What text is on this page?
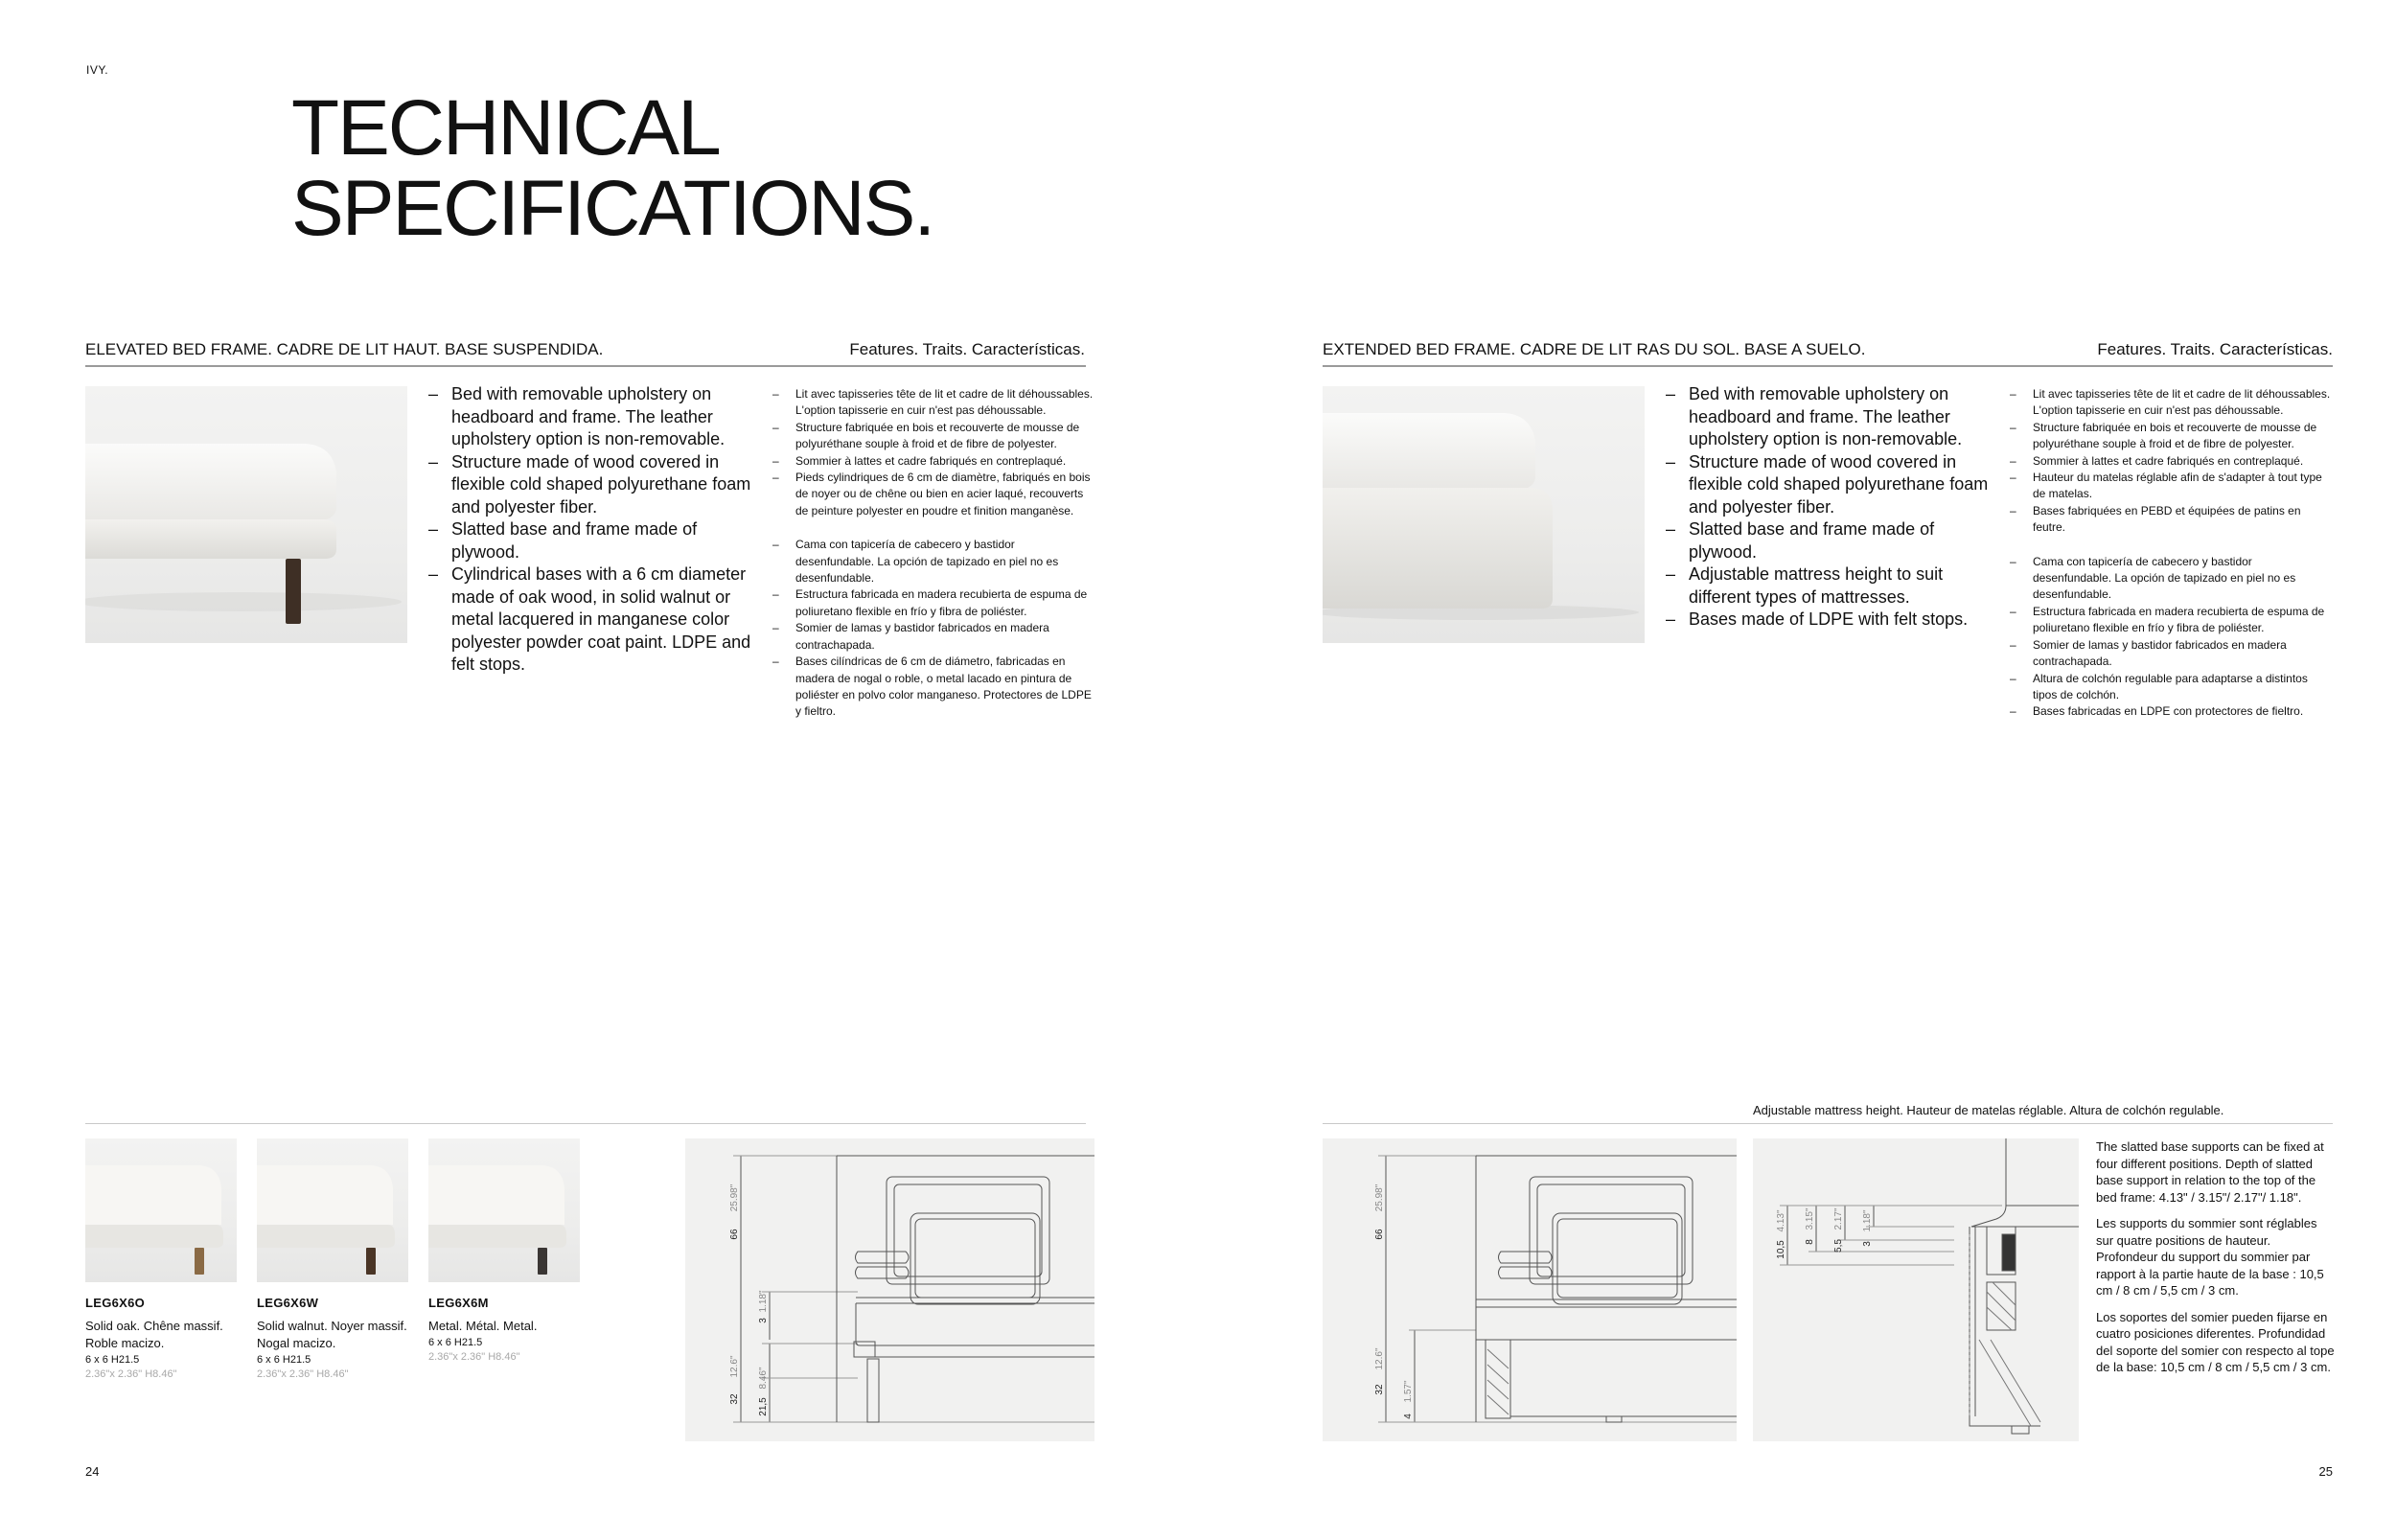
IVY.
TECHNICAL
SPECIFICATIONS.
ELEVATED BED FRAME. CADRE DE LIT HAUT. BASE SUSPENDIDA.	Features. Traits. Características.
– Bed with removable upholstery on headboard and frame. The leather upholstery option is non-removable.
– Structure made of wood covered in flexible cold shaped polyurethane foam and polyester fiber.
– Slatted base and frame made of plywood.
– Cylindrical bases with a 6 cm diameter made of oak wood, in solid walnut or metal lacquered in manganese color polyester powder coat paint. LDPE and felt stops.
– Lit avec tapisseries tête de lit et cadre de lit déhoussables. L'option tapisserie en cuir n'est pas déhoussable.
– Structure fabriquée en bois et recouverte de mousse de polyuréthane souple à froid et de fibre de polyester.
– Sommier à lattes et cadre fabriqués en contreplaqué.
– Pieds cylindriques de 6 cm de diamètre, fabriqués en bois de noyer ou de chêne ou bien en acier laqué, recouverts de peinture polyester en poudre et finition manganèse.
– Cama con tapicería de cabecero y bastidor desenfundable. La opción de tapizado en piel no es desenfundable.
– Estructura fabricada en madera recubierta de espuma de poliuretano flexible en frío y fibra de poliéster.
– Somier de lamas y bastidor fabricados en madera contrachapada.
– Bases cilíndricas de 6 cm de diámetro, fabricadas en madera de nogal o roble, o metal lacado en pintura de poliéster en polvo color manganeso. Protectores de LDPE y fieltro.
LEG6X6O
Solid oak. Chêne massif. Roble macizo.
6 x 6 H21.5
2.36"x 2.36" H8.46"
LEG6X6W
Solid walnut. Noyer massif. Nogal macizo.
6 x 6 H21.5
2.36"x 2.36" H8.46"
LEG6X6M
Metal. Métal. Metal.
6 x 6 H21.5
2.36"x 2.36" H8.46"
66
25.98"
3
1.18"
32
12.6"
21,5
8.46"
24
EXTENDED BED FRAME. CADRE DE LIT RAS DU SOL. BASE A SUELO.	Features. Traits. Características.
– Bed with removable upholstery on headboard and frame. The leather upholstery option is non-removable.
– Structure made of wood covered in flexible cold shaped polyurethane foam and polyester fiber.
– Slatted base and frame made of plywood.
– Adjustable mattress height to suit different types of mattresses.
– Bases made of LDPE with felt stops.
– Lit avec tapisseries tête de lit et cadre de lit déhoussables. L'option tapisserie en cuir n'est pas déhoussable.
– Structure fabriquée en bois et recouverte de mousse de polyuréthane souple à froid et de fibre de polyester.
– Sommier à lattes et cadre fabriqués en contreplaqué.
– Hauteur du matelas réglable afin de s'adapter à tout type de matelas.
– Bases fabriquées en PEBD et équipées de patins en feutre.
– Cama con tapicería de cabecero y bastidor desenfundable. La opción de tapizado en piel no es desenfundable.
– Estructura fabricada en madera recubierta de espuma de poliuretano flexible en frío y fibra de poliéster.
– Somier de lamas y bastidor fabricados en madera contrachapada.
– Altura de colchón regulable para adaptarse a distintos tipos de colchón.
– Bases fabricadas en LDPE con protectores de fieltro.
Adjustable mattress height. Hauteur de matelas réglable. Altura de colchón regulable.
66
25.98"
32
12.6"
4
1.57"
10,5
4.13"
8
3.15"
5,5
2.17"
3
1.18"
The slatted base supports can be fixed at four different positions. Depth of slatted base support in relation to the top of the bed frame: 4.13" / 3.15"/ 2.17"/ 1.18".
Les supports du sommier sont réglables sur quatre positions de hauteur. Profondeur du support du sommier par rapport à la partie haute de la base : 10,5 cm / 8 cm / 5,5 cm / 3 cm.
Los soportes del somier pueden fijarse en cuatro posiciones diferentes. Profundidad del soporte del somier con respecto al tope de la base: 10,5 cm / 8 cm / 5,5 cm / 3 cm.
25
